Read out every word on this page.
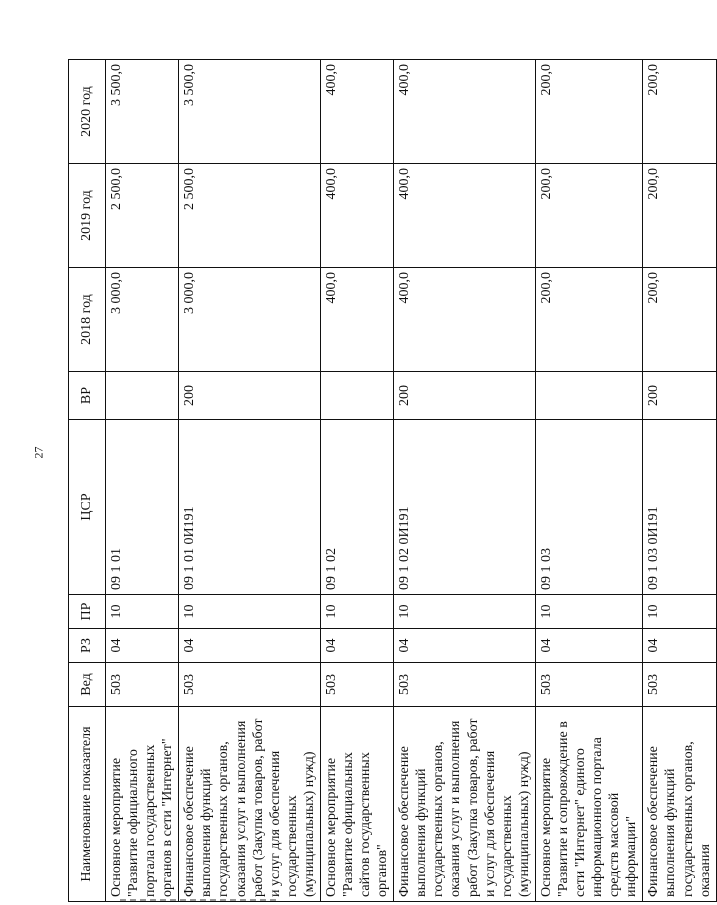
27
Наименование показателя	Вед	РЗ	ПР	ЦСР	ВР	2018 год	2019 год	2020 год
Основное мероприятие "Развитие официального портала государственных органов в сети "Интернет"	503	04	10	09 1 01		3 000,0	2 500,0	3 500,0
Финансовое обеспечение выполнения функций государственных органов, оказания услуг и выполнения работ (Закупка товаров, работ и услуг для обеспечения государственных (муниципальных) нужд)	503	04	10	09 1 01 0И191	200	3 000,0	2 500,0	3 500,0
Основное мероприятие "Развитие официальных сайтов государственных органов"	503	04	10	09 1 02		400,0	400,0	400,0
Финансовое обеспечение выполнения функций государственных органов, оказания услуг и выполнения работ (Закупка товаров, работ и услуг для обеспечения государственных (муниципальных) нужд)	503	04	10	09 1 02 0И191	200	400,0	400,0	400,0
Основное мероприятие "Развитие и сопровождение в сети "Интернет" единого информационного портала средств массовой информации"	503	04	10	09 1 03		200,0	200,0	200,0
Финансовое обеспечение выполнения функций государственных органов, оказания	503	04	10	09 1 03 0И191	200	200,0	200,0	200,0
